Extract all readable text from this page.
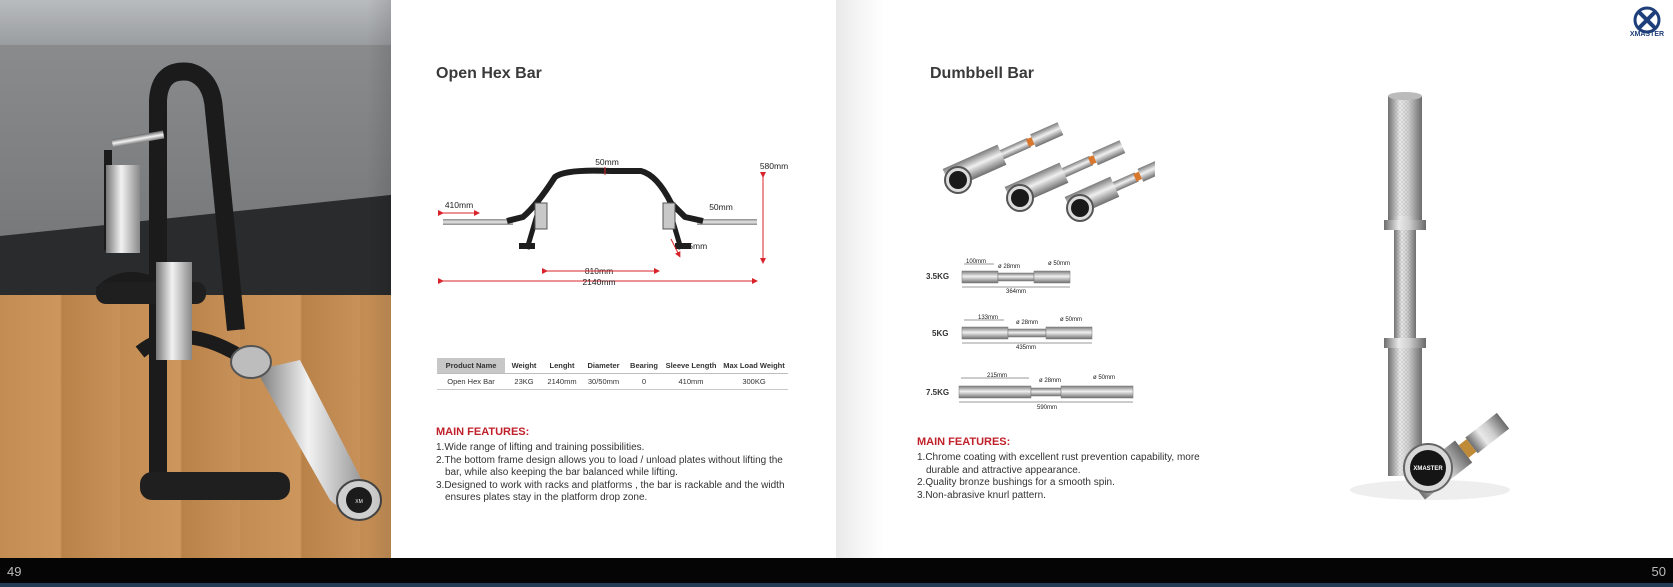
XM
Open Hex Bar
XMASTER
50mm	580mm
410mm	50mm
245mm
810mm
2140mm
Product Name	Weight	Lenght	Diameter	Bearing	Sleeve Length	Max Load Weight
Open Hex Bar	23KG	2140mm	30/50mm	0	410mm	300KG
MAIN FEATURES:
1.Wide range of lifting and training possibilities.
2.The bottom frame design allows you to load / unload plates without lifting the bar, while also keeping the bar balanced while lifting.
3.Designed to work with racks and platforms , the bar is rackable and the width ensures plates stay in the platform drop zone.
Dumbbell Bar
3.5KG
100mm
ø 28mm	ø 50mm
364mm
5KG
133mm
ø 28mm	ø 50mm
435mm
7.5KG
215mm
ø 28mm	ø 50mm
590mm
MAIN FEATURES:
1.Chrome coating with excellent rust prevention capability, more durable and attractive appearance.
2.Quality bronze bushings for a smooth spin.
3.Non-abrasive knurl pattern.
XMASTER
XMASTER
49	50
